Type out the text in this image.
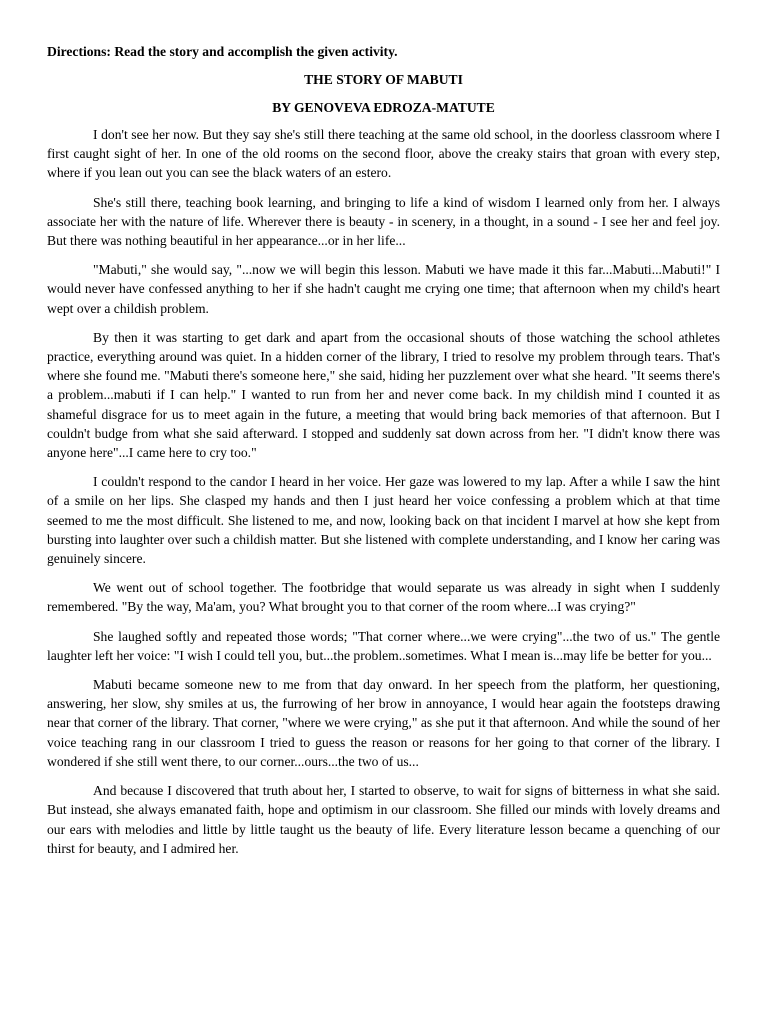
Directions: Read the story and accomplish the given activity.

THE STORY OF MABUTI

BY GENOVEVA EDROZA-MATUTE

I don't see her now. But they say she's still there teaching at the same old school, in the doorless classroom where I first caught sight of her. In one of the old rooms on the second floor, above the creaky stairs that groan with every step, where if you lean out you can see the black waters of an estero.

She's still there, teaching book learning, and bringing to life a kind of wisdom I learned only from her. I always associate her with the nature of life. Wherever there is beauty - in scenery, in a thought, in a sound - I see her and feel joy. But there was nothing beautiful in her appearance...or in her life...

"Mabuti," she would say, "...now we will begin this lesson. Mabuti we have made it this far...Mabuti...Mabuti!" I would never have confessed anything to her if she hadn't caught me crying one time; that afternoon when my child's heart wept over a childish problem.

By then it was starting to get dark and apart from the occasional shouts of those watching the school athletes practice, everything around was quiet. In a hidden corner of the library, I tried to resolve my problem through tears. That's where she found me. "Mabuti there's someone here," she said, hiding her puzzlement over what she heard. "It seems there's a problem...mabuti if I can help." I wanted to run from her and never come back. In my childish mind I counted it as shameful disgrace for us to meet again in the future, a meeting that would bring back memories of that afternoon. But I couldn't budge from what she said afterward. I stopped and suddenly sat down across from her. "I didn't know there was anyone here"...I came here to cry too."

I couldn't respond to the candor I heard in her voice. Her gaze was lowered to my lap. After a while I saw the hint of a smile on her lips. She clasped my hands and then I just heard her voice confessing a problem which at that time seemed to me the most difficult. She listened to me, and now, looking back on that incident I marvel at how she kept from bursting into laughter over such a childish matter. But she listened with complete understanding, and I know her caring was genuinely sincere.

We went out of school together. The footbridge that would separate us was already in sight when I suddenly remembered. "By the way, Ma'am, you? What brought you to that corner of the room where...I was crying?"

She laughed softly and repeated those words; "That corner where...we were crying"...the two of us." The gentle laughter left her voice: "I wish I could tell you, but...the problem..sometimes. What I mean is...may life be better for you...

Mabuti became someone new to me from that day onward. In her speech from the platform, her questioning, answering, her slow, shy smiles at us, the furrowing of her brow in annoyance, I would hear again the footsteps drawing near that corner of the library. That corner, "where we were crying," as she put it that afternoon. And while the sound of her voice teaching rang in our classroom I tried to guess the reason or reasons for her going to that corner of the library. I wondered if she still went there, to our corner...ours...the two of us...

And because I discovered that truth about her, I started to observe, to wait for signs of bitterness in what she said. But instead, she always emanated faith, hope and optimism in our classroom. She filled our minds with lovely dreams and our ears with melodies and little by little taught us the beauty of life. Every literature lesson became a quenching of our thirst for beauty, and I admired her.
